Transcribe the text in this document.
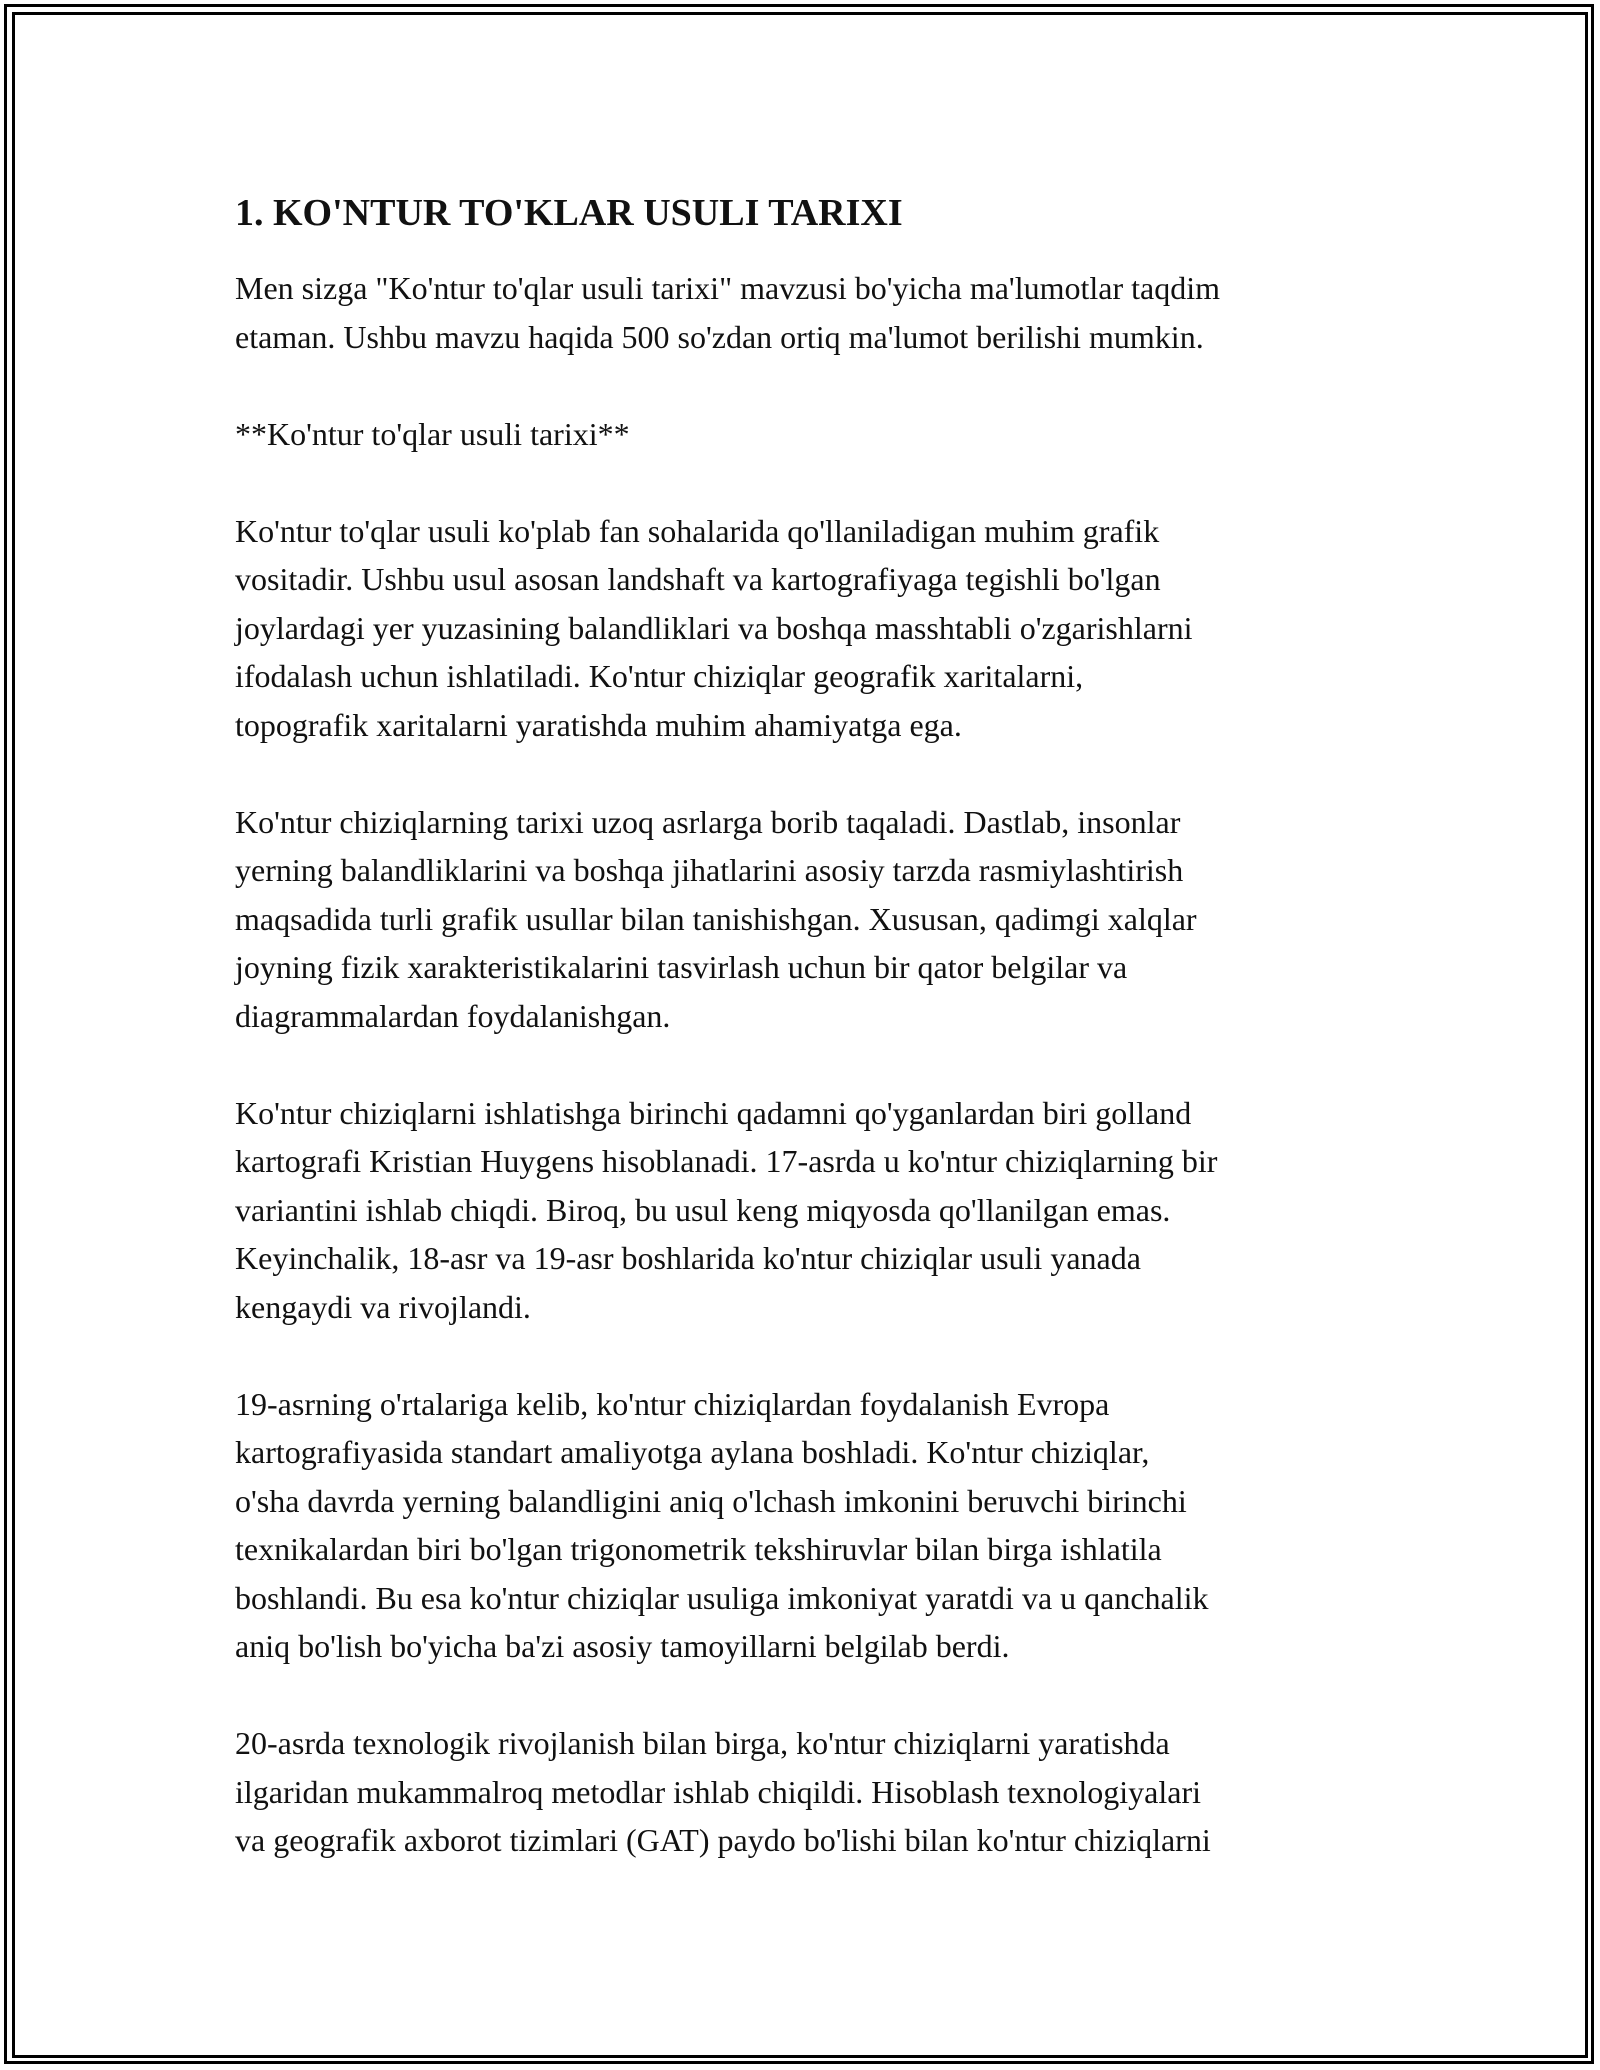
1. KO'NTUR TO'KLAR USULI TARIXI
Men sizga "Ko'ntur to'qlar usuli tarixi" mavzusi bo'yicha ma'lumotlar taqdim
etaman. Ushbu mavzu haqida 500 so'zdan ortiq ma'lumot berilishi mumkin.
**Ko'ntur to'qlar usuli tarixi**
Ko'ntur to'qlar usuli ko'plab fan sohalarida qo'llaniladigan muhim grafik
vositadir. Ushbu usul asosan landshaft va kartografiyaga tegishli bo'lgan
joylardagi yer yuzasining balandliklari va boshqa masshtabli o'zgarishlarni
ifodalash uchun ishlatiladi. Ko'ntur chiziqlar geografik xaritalarni,
topografik xaritalarni yaratishda muhim ahamiyatga ega.
Ko'ntur chiziqlarning tarixi uzoq asrlarga borib taqaladi. Dastlab, insonlar
yerning balandliklarini va boshqa jihatlarini asosiy tarzda rasmiylashtirish
maqsadida turli grafik usullar bilan tanishishgan. Xususan, qadimgi xalqlar
joyning fizik xarakteristikalarini tasvirlash uchun bir qator belgilar va
diagrammalardan foydalanishgan.
Ko'ntur chiziqlarni ishlatishga birinchi qadamni qo'yganlardan biri golland
kartografi Kristian Huygens hisoblanadi. 17-asrda u ko'ntur chiziqlarning bir
variantini ishlab chiqdi. Biroq, bu usul keng miqyosda qo'llanilgan emas.
Keyinchalik, 18-asr va 19-asr boshlarida ko'ntur chiziqlar usuli yanada
kengaydi va rivojlandi.
19-asrning o'rtalariga kelib, ko'ntur chiziqlardan foydalanish Evropa
kartografiyasida standart amaliyotga aylana boshladi. Ko'ntur chiziqlar,
o'sha davrda yerning balandligini aniq o'lchash imkonini beruvchi birinchi
texnikalardan biri bo'lgan trigonometrik tekshiruvlar bilan birga ishlatila
boshlandi. Bu esa ko'ntur chiziqlar usuliga imkoniyat yaratdi va u qanchalik
aniq bo'lish bo'yicha ba'zi asosiy tamoyillarni belgilab berdi.
20-asrda texnologik rivojlanish bilan birga, ko'ntur chiziqlarni yaratishda
ilgaridan mukammalroq metodlar ishlab chiqildi. Hisoblash texnologiyalari
va geografik axborot tizimlari (GAT) paydo bo'lishi bilan ko'ntur chiziqlarni
